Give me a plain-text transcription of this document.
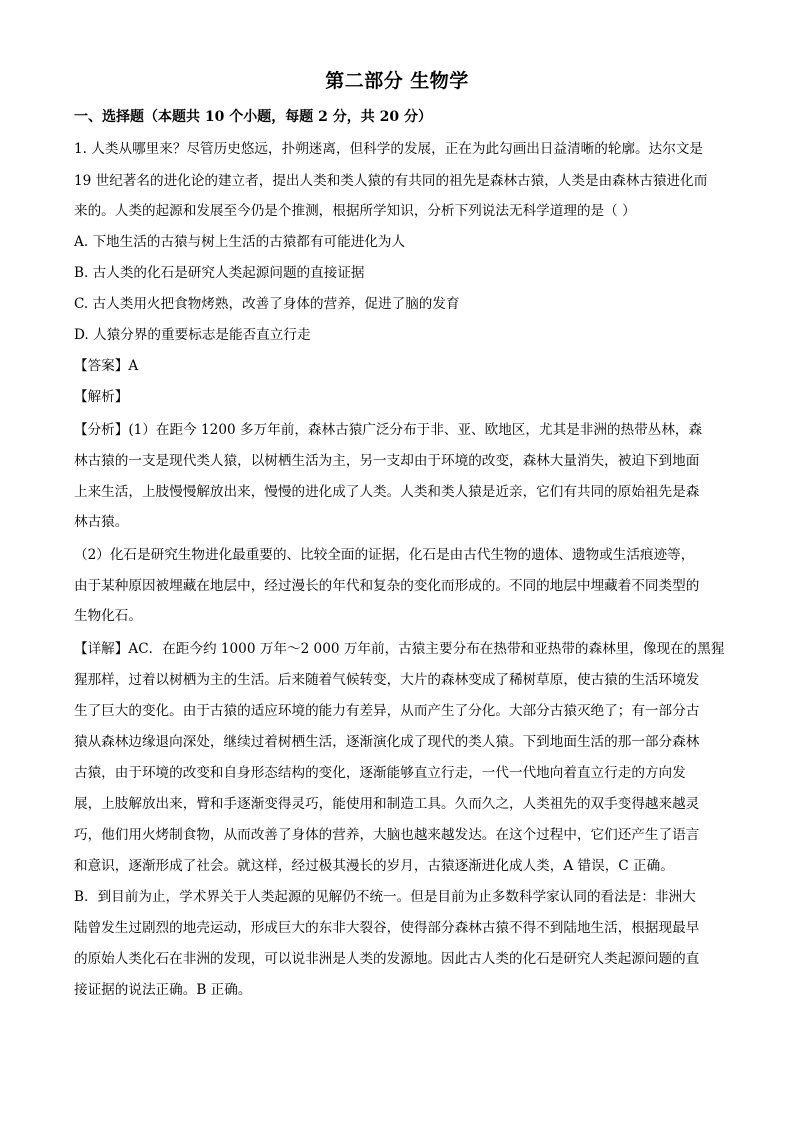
第二部分 生物学
一、选择题（本题共 10 个小题，每题 2 分，共 20 分）
1. 人类从哪里来？尽管历史悠远，扑朔迷离，但科学的发展，正在为此勾画出日益清晰的轮廓。达尔文是
19 世纪著名的进化论的建立者，提出人类和类人猿的有共同的祖先是森林古猿，人类是由森林古猿进化而
来的。人类的起源和发展至今仍是个推测，根据所学知识，分析下列说法无科学道理的是（ ）
A. 下地生活的古猿与树上生活的古猿都有可能进化为人
B. 古人类的化石是研究人类起源问题的直接证据
C. 古人类用火把食物烤熟，改善了身体的营养，促进了脑的发育
D. 人猿分界的重要标志是能否直立行走
【答案】A
【解析】
【分析】(1）在距今 1200 多万年前，森林古猿广泛分布于非、亚、欧地区，尤其是非洲的热带丛林，森
林古猿的一支是现代类人猿，以树栖生活为主，另一支却由于环境的改变，森林大量消失，被迫下到地面
上来生活，上肢慢慢解放出来，慢慢的进化成了人类。人类和类人猿是近亲，它们有共同的原始祖先是森
林古猿。
（2）化石是研究生物进化最重要的、比较全面的证据，化石是由古代生物的遗体、遗物或生活痕迹等，
由于某种原因被埋藏在地层中，经过漫长的年代和复杂的变化而形成的。不同的地层中埋藏着不同类型的
生物化石。
【详解】AC．在距今约 1000 万年～2 000 万年前，古猿主要分布在热带和亚热带的森林里，像现在的黑猩
猩那样，过着以树栖为主的生活。后来随着气候转变，大片的森林变成了稀树草原，使古猿的生活环境发
生了巨大的变化。由于古猿的适应环境的能力有差异，从而产生了分化。大部分古猿灭绝了；有一部分古
猿从森林边缘退向深处，继续过着树栖生活，逐渐演化成了现代的类人猿。下到地面生活的那一部分森林
古猿，由于环境的改变和自身形态结构的变化，逐渐能够直立行走，一代一代地向着直立行走的方向发
展，上肢解放出来，臂和手逐渐变得灵巧，能使用和制造工具。久而久之，人类祖先的双手变得越来越灵
巧，他们用火烤制食物，从而改善了身体的营养，大脑也越来越发达。在这个过程中，它们还产生了语言
和意识，逐渐形成了社会。就这样，经过极其漫长的岁月，古猿逐渐进化成人类，A 错误，C 正确。
B．到目前为止，学术界关于人类起源的见解仍不统一。但是目前为止多数科学家认同的看法是：非洲大
陆曾发生过剧烈的地壳运动，形成巨大的东非大裂谷，使得部分森林古猿不得不到陆地生活，根据现最早
的原始人类化石在非洲的发现，可以说非洲是人类的发源地。因此古人类的化石是研究人类起源问题的直
接证据的说法正确。B 正确。
